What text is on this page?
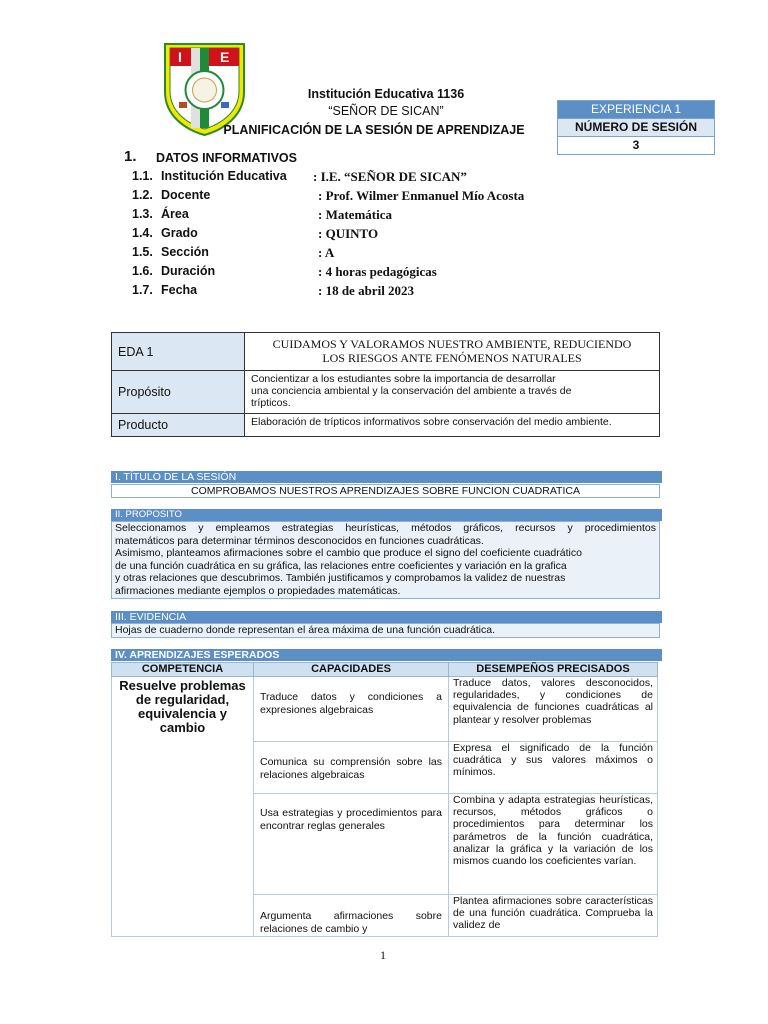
I	E
Institución Educativa 1136
“SEÑOR DE SICAN”
PLANIFICACIÓN DE LA SESIÓN DE APRENDIZAJE
EXPERIENCIA 1
NÚMERO DE SESIÓN
3
1. DATOS INFORMATIVOS
1.1. Institución Educativa : I.E. “SEÑOR DE SICAN”
1.2. Docente	: Prof. Wilmer Enmanuel Mío Acosta
1.3. Área	: Matemática
1.4. Grado	: QUINTO
1.5. Sección	: A
1.6. Duración	: 4 horas pedagógicas
1.7. Fecha	: 18 de abril 2023
EDA 1	CUIDAMOS Y VALORAMOS NUESTRO AMBIENTE, REDUCIENDO
LOS RIESGOS ANTE FENÓMENOS NATURALES

Propósito	Concientizar a los estudiantes sobre la importancia de desarrollar
una conciencia ambiental y la conservación del ambiente a través de
trípticos.

Producto	Elaboración de trípticos informativos sobre conservación del medio ambiente.
I. TÍTULO DE LA SESIÓN
COMPROBAMOS NUESTROS APRENDIZAJES SOBRE FUNCION CUADRATICA
II. PROPOSITO
Seleccionamos y empleamos estrategias heurísticas, métodos gráficos, recursos y procedimientos
matemáticos para determinar términos desconocidos en funciones cuadráticas.
Asimismo, planteamos afirmaciones sobre el cambio que produce el signo del coeficiente cuadrático
de una función cuadrática en su gráfica, las relaciones entre coeficientes y variación en la grafica
y otras relaciones que descubrimos. También justificamos y comprobamos la validez de nuestras
afirmaciones mediante ejemplos o propiedades matemáticas.
III. EVIDENCIA
Hojas de cuaderno donde representan el área máxima de una función cuadrática.
IV. APRENDIZAJES ESPERADOS
COMPETENCIA	CAPACIDADES	DESEMPEÑOS PRECISADOS

Resuelve problemas de regularidad, equivalencia y cambio	Traduce datos y condiciones a expresiones algebraicas	Traduce datos, valores desconocidos, regularidades, y condiciones de equivalencia de funciones cuadráticas al plantear y resolver problemas
	Comunica su comprensión sobre las relaciones algebraicas	Expresa el significado de la función cuadrática y sus valores máximos o mínimos.
	Usa estrategias y procedimientos para encontrar reglas generales	Combina y adapta estrategias heurísticas, recursos, métodos gráficos o procedimientos para determinar los parámetros de la función cuadrática, analizar la gráfica y la variación de los mismos cuando los coeficientes varían.
	Argumenta afirmaciones sobre relaciones de cambio y	Plantea afirmaciones sobre características de una función cuadrática. Comprueba la validez de
1
